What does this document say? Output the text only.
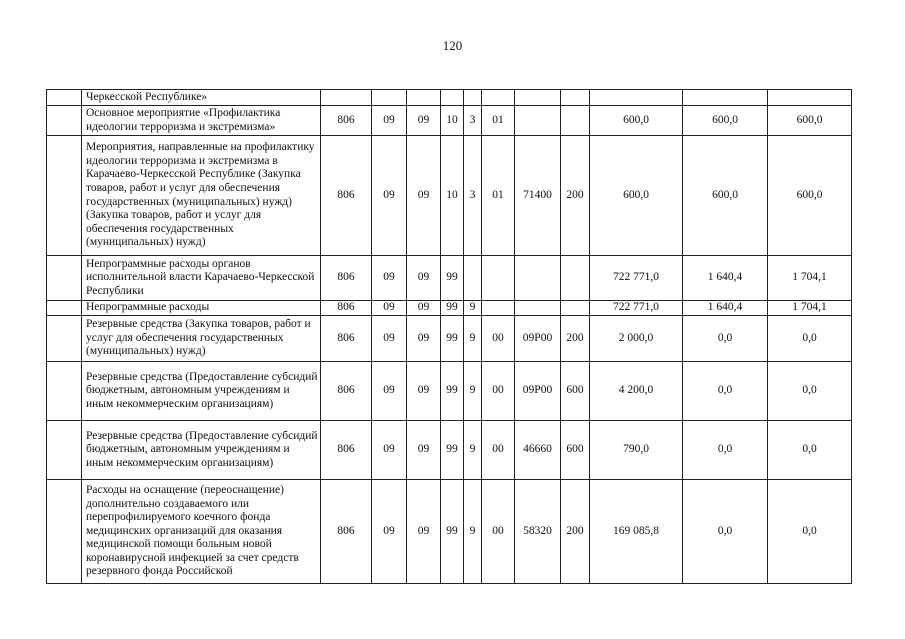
120
	Черкесской Республике»											
	Основное мероприятие «Профилактика идеологии терроризма и экстремизма»	806	09	09	10	3	01			600,0	600,0	600,0
	Мероприятия, направленные на профилактику идеологии терроризма и экстремизма в Карачаево-Черкесской Республике (Закупка товаров, работ и услуг для обеспечения государственных (муниципальных) нужд) (Закупка товаров, работ и услуг для обеспечения государственных (муниципальных) нужд)	806	09	09	10	3	01	71400	200	600,0	600,0	600,0
	Непрограммные расходы органов исполнительной власти Карачаево-Черкесской Республики	806	09	09	99					722 771,0	1 640,4	1 704,1
	Непрограммные расходы	806	09	09	99	9				722 771,0	1 640,4	1 704,1
	Резервные средства (Закупка товаров, работ и услуг для обеспечения государственных (муниципальных) нужд)	806	09	09	99	9	00	09Р00	200	2 000,0	0,0	0,0
	Резервные средства (Предоставление субсидий бюджетным, автономным учреждениям и иным некоммерческим организациям)	806	09	09	99	9	00	09Р00	600	4 200,0	0,0	0,0
	Резервные средства (Предоставление субсидий бюджетным, автономным учреждениям и иным некоммерческим организациям)	806	09	09	99	9	00	46660	600	790,0	0,0	0,0
	Расходы на оснащение (переоснащение) дополнительно создаваемого или перепрофилируемого коечного фонда медицинских организаций для оказания медицинской помощи больным новой коронавирусной инфекцией за счет средств резервного фонда Российской	806	09	09	99	9	00	58320	200	169 085,8	0,0	0,0
